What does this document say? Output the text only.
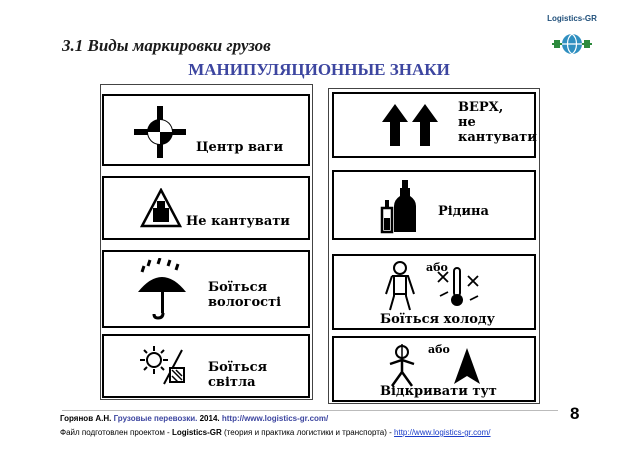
3.1 Виды маркировки грузов
МАНИПУЛЯЦИОННЫЕ ЗНАКИ
Logistics-GR
Центр ваги
Не кантувати
Боїться
вологості
Боїться
світла
ВЕРХ,
не
кантувати
Рідина
або
Боїться холоду
або
Відкривати тут
Горянов А.Н. Грузовые перевозки. 2014. http://www.logistics-gr.com/
Файл подготовлен проектом - Logistics-GR (теория и практика логистики и транспорта) - http://www.logistics-gr.com/
8
